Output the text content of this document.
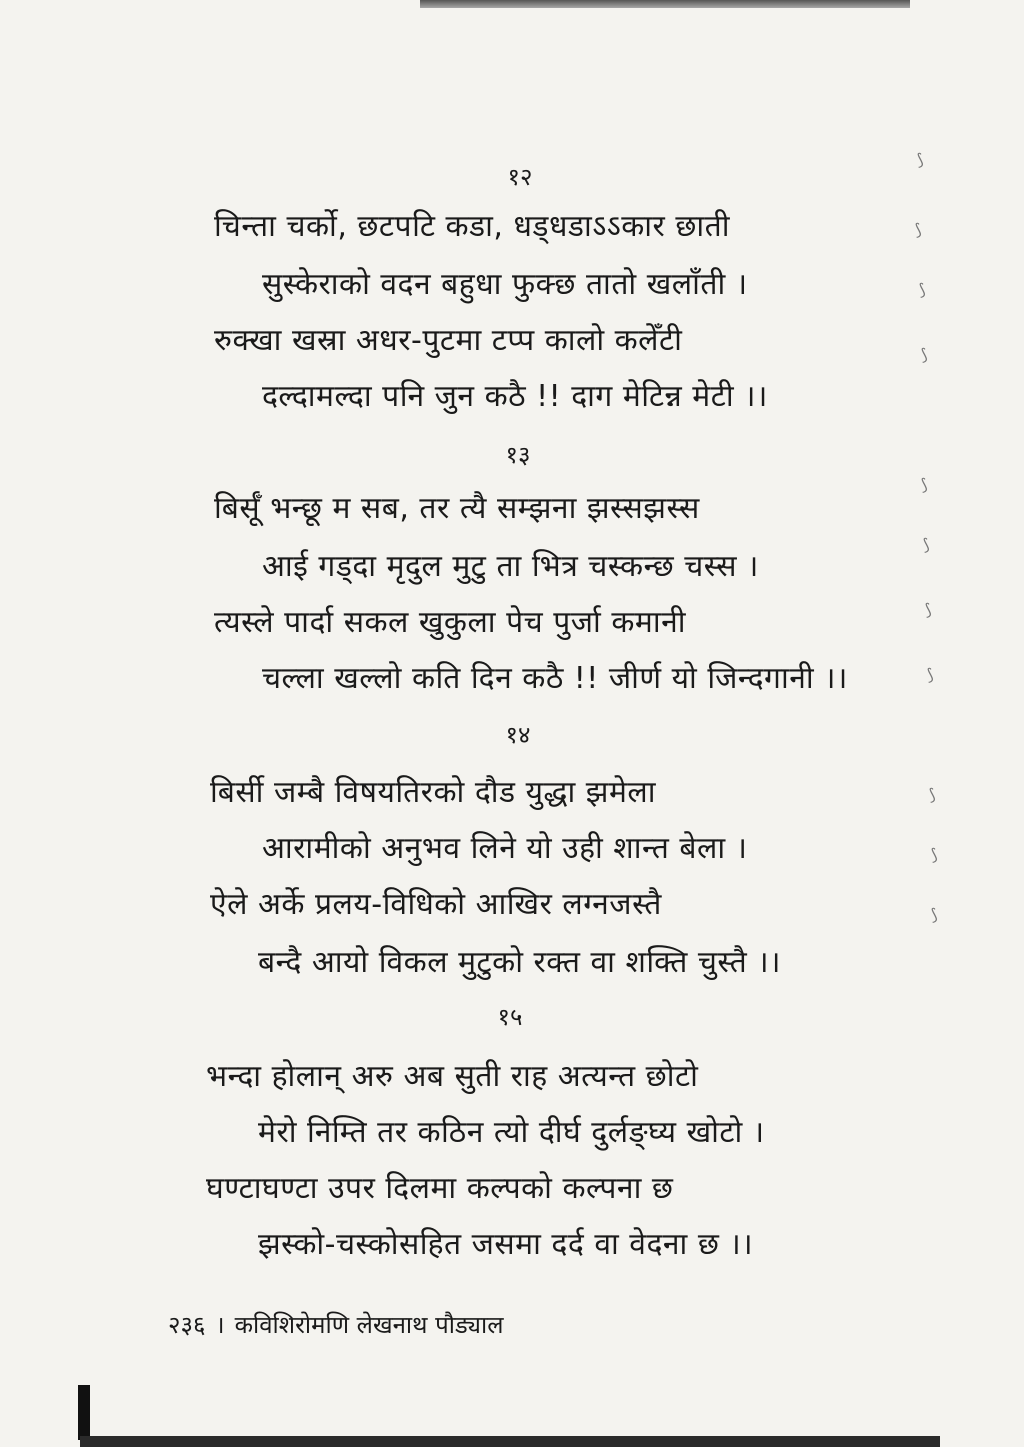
⟆
⟆
⟆
⟆
⟆
⟆
⟆
⟆
⟆
⟆
⟆
१२
चिन्ता चर्को, छटपटि कडा, धड्धडाऽऽकार छाती
सुस्केराको वदन बहुधा फुक्छ तातो खलाँती ।
रुक्खा खस्रा अधर-पुटमा टप्प कालो कलेँटी
दल्दामल्दा पनि जुन कठै !! दाग मेटिन्न मेटी ।।
१३
बिर्सूँ भन्छू म सब, तर त्यै सम्झना झस्सझस्स
आई गड्दा मृदुल मुटु ता भित्र चस्कन्छ चस्स ।
त्यस्ले पार्दा सकल खुकुला पेच पुर्जा कमानी
चल्ला खल्लो कति दिन कठै !! जीर्ण यो जिन्दगानी ।।
१४
बिर्सी जम्बै विषयतिरको दौड युद्धा झमेला
आरामीको अनुभव लिने यो उही शान्त बेला ।
ऐले अर्के प्रलय-विधिको आखिर लग्नजस्तै
बन्दै आयो विकल मुटुको रक्त वा शक्ति चुस्तै ।।
१५
भन्दा होलान् अरु अब सुती राह अत्यन्त छोटो
मेरो निम्ति तर कठिन त्यो दीर्घ दुर्लङ्घ्य खोटो ।
घण्टाघण्टा उपर दिलमा कल्पको कल्पना छ
झस्को-चस्कोसहित जसमा दर्द वा वेदना छ ।।
२३६ । कविशिरोमणि लेखनाथ पौड्याल
